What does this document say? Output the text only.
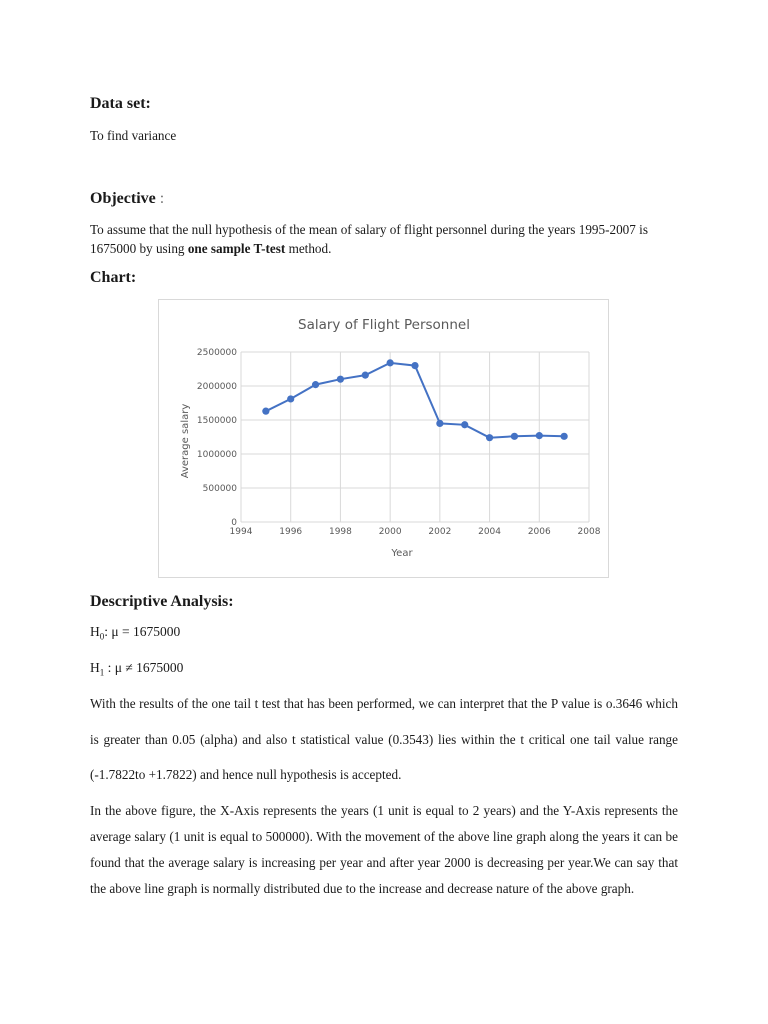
Data set:

To find variance

Objective :

To assume that the null hypothesis of the mean of salary of flight personnel during the years 1995-2007 is 1675000 by using one sample T-test method.

Chart:
Salary of Flight Personnel
0
500000
1000000
1500000
2000000
2500000
1994	1996	1998	2000	2002	2004	2006	2008
Year
Average salary
Descriptive Analysis:

$H_0$: μ = 1675000

$H_1$ : μ ≠ 1675000

With the results of the one tail t test that has been performed, we can interpret that the P value is o.3646 which is greater than 0.05 (alpha) and also t statistical value (0.3543) lies within the t critical one tail value range (-1.7822to +1.7822) and hence null hypothesis is accepted.

In the above figure, the X-Axis represents the years (1 unit is equal to 2 years) and the Y-Axis represents the average salary (1 unit is equal to 500000). With the movement of the above line graph along the years it can be found that the average salary is increasing per year and after year 2000 is decreasing per year.We can say that the above line graph is normally distributed due to the increase and decrease nature of the above graph.
